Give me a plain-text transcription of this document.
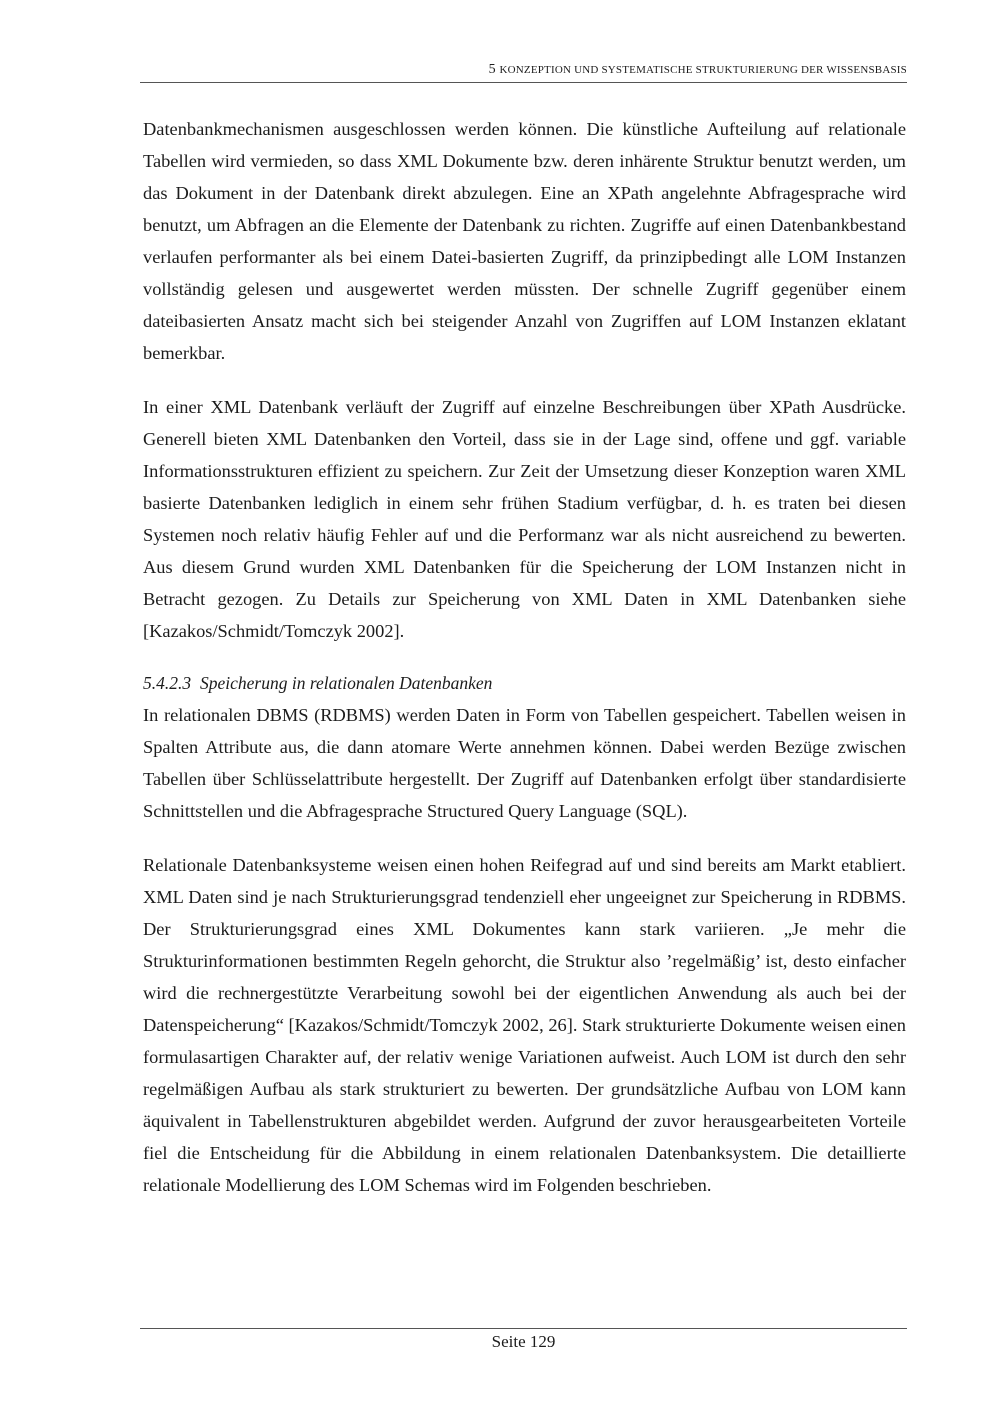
5 KONZEPTION UND SYSTEMATISCHE STRUKTURIERUNG DER WISSENSBASIS

Datenbankmechanismen ausgeschlossen werden können. Die künstliche Aufteilung auf relationale Tabellen wird vermieden, so dass XML Dokumente bzw. deren inhärente Struktur benutzt werden, um das Dokument in der Datenbank direkt abzulegen. Eine an XPath angelehnte Abfragesprache wird benutzt, um Abfragen an die Elemente der Datenbank zu richten. Zugriffe auf einen Datenbankbestand verlaufen performanter als bei einem Datei-basierten Zugriff, da prinzipbedingt alle LOM Instanzen vollständig gelesen und ausgewertet werden müssten. Der schnelle Zugriff gegenüber einem dateibasierten Ansatz macht sich bei steigender Anzahl von Zugriffen auf LOM Instanzen eklatant bemerkbar.

In einer XML Datenbank verläuft der Zugriff auf einzelne Beschreibungen über XPath Ausdrücke. Generell bieten XML Datenbanken den Vorteil, dass sie in der Lage sind, offene und ggf. variable Informationsstrukturen effizient zu speichern. Zur Zeit der Umsetzung dieser Konzeption waren XML basierte Datenbanken lediglich in einem sehr frühen Stadium verfügbar, d. h. es traten bei diesen Systemen noch relativ häufig Fehler auf und die Performanz war als nicht ausreichend zu bewerten. Aus diesem Grund wurden XML Datenbanken für die Speicherung der LOM Instanzen nicht in Betracht gezogen. Zu Details zur Speicherung von XML Daten in XML Datenbanken siehe [Kazakos/Schmidt/Tomczyk 2002].

5.4.2.3 Speicherung in relationalen Datenbanken

In relationalen DBMS (RDBMS) werden Daten in Form von Tabellen gespeichert. Tabellen weisen in Spalten Attribute aus, die dann atomare Werte annehmen können. Dabei werden Bezüge zwischen Tabellen über Schlüsselattribute hergestellt. Der Zugriff auf Datenbanken erfolgt über standardisierte Schnittstellen und die Abfragesprache Structured Query Language (SQL).

Relationale Datenbanksysteme weisen einen hohen Reifegrad auf und sind bereits am Markt etabliert. XML Daten sind je nach Strukturierungsgrad tendenziell eher ungeeignet zur Speicherung in RDBMS. Der Strukturierungsgrad eines XML Dokumentes kann stark variieren. „Je mehr die Strukturinformationen bestimmten Regeln gehorcht, die Struktur also ’regelmäßig’ ist, desto einfacher wird die rechnergestützte Verarbeitung sowohl bei der eigentlichen Anwendung als auch bei der Datenspeicherung“ [Kazakos/Schmidt/Tomczyk 2002, 26]. Stark strukturierte Dokumente weisen einen formulasartigen Charakter auf, der relativ wenige Variationen aufweist. Auch LOM ist durch den sehr regelmäßigen Aufbau als stark strukturiert zu bewerten. Der grundsätzliche Aufbau von LOM kann äquivalent in Tabellenstrukturen abgebildet werden. Aufgrund der zuvor herausgearbeiteten Vorteile fiel die Entscheidung für die Abbildung in einem relationalen Datenbanksystem. Die detaillierte relationale Modellierung des LOM Schemas wird im Folgenden beschrieben.

Seite 129
